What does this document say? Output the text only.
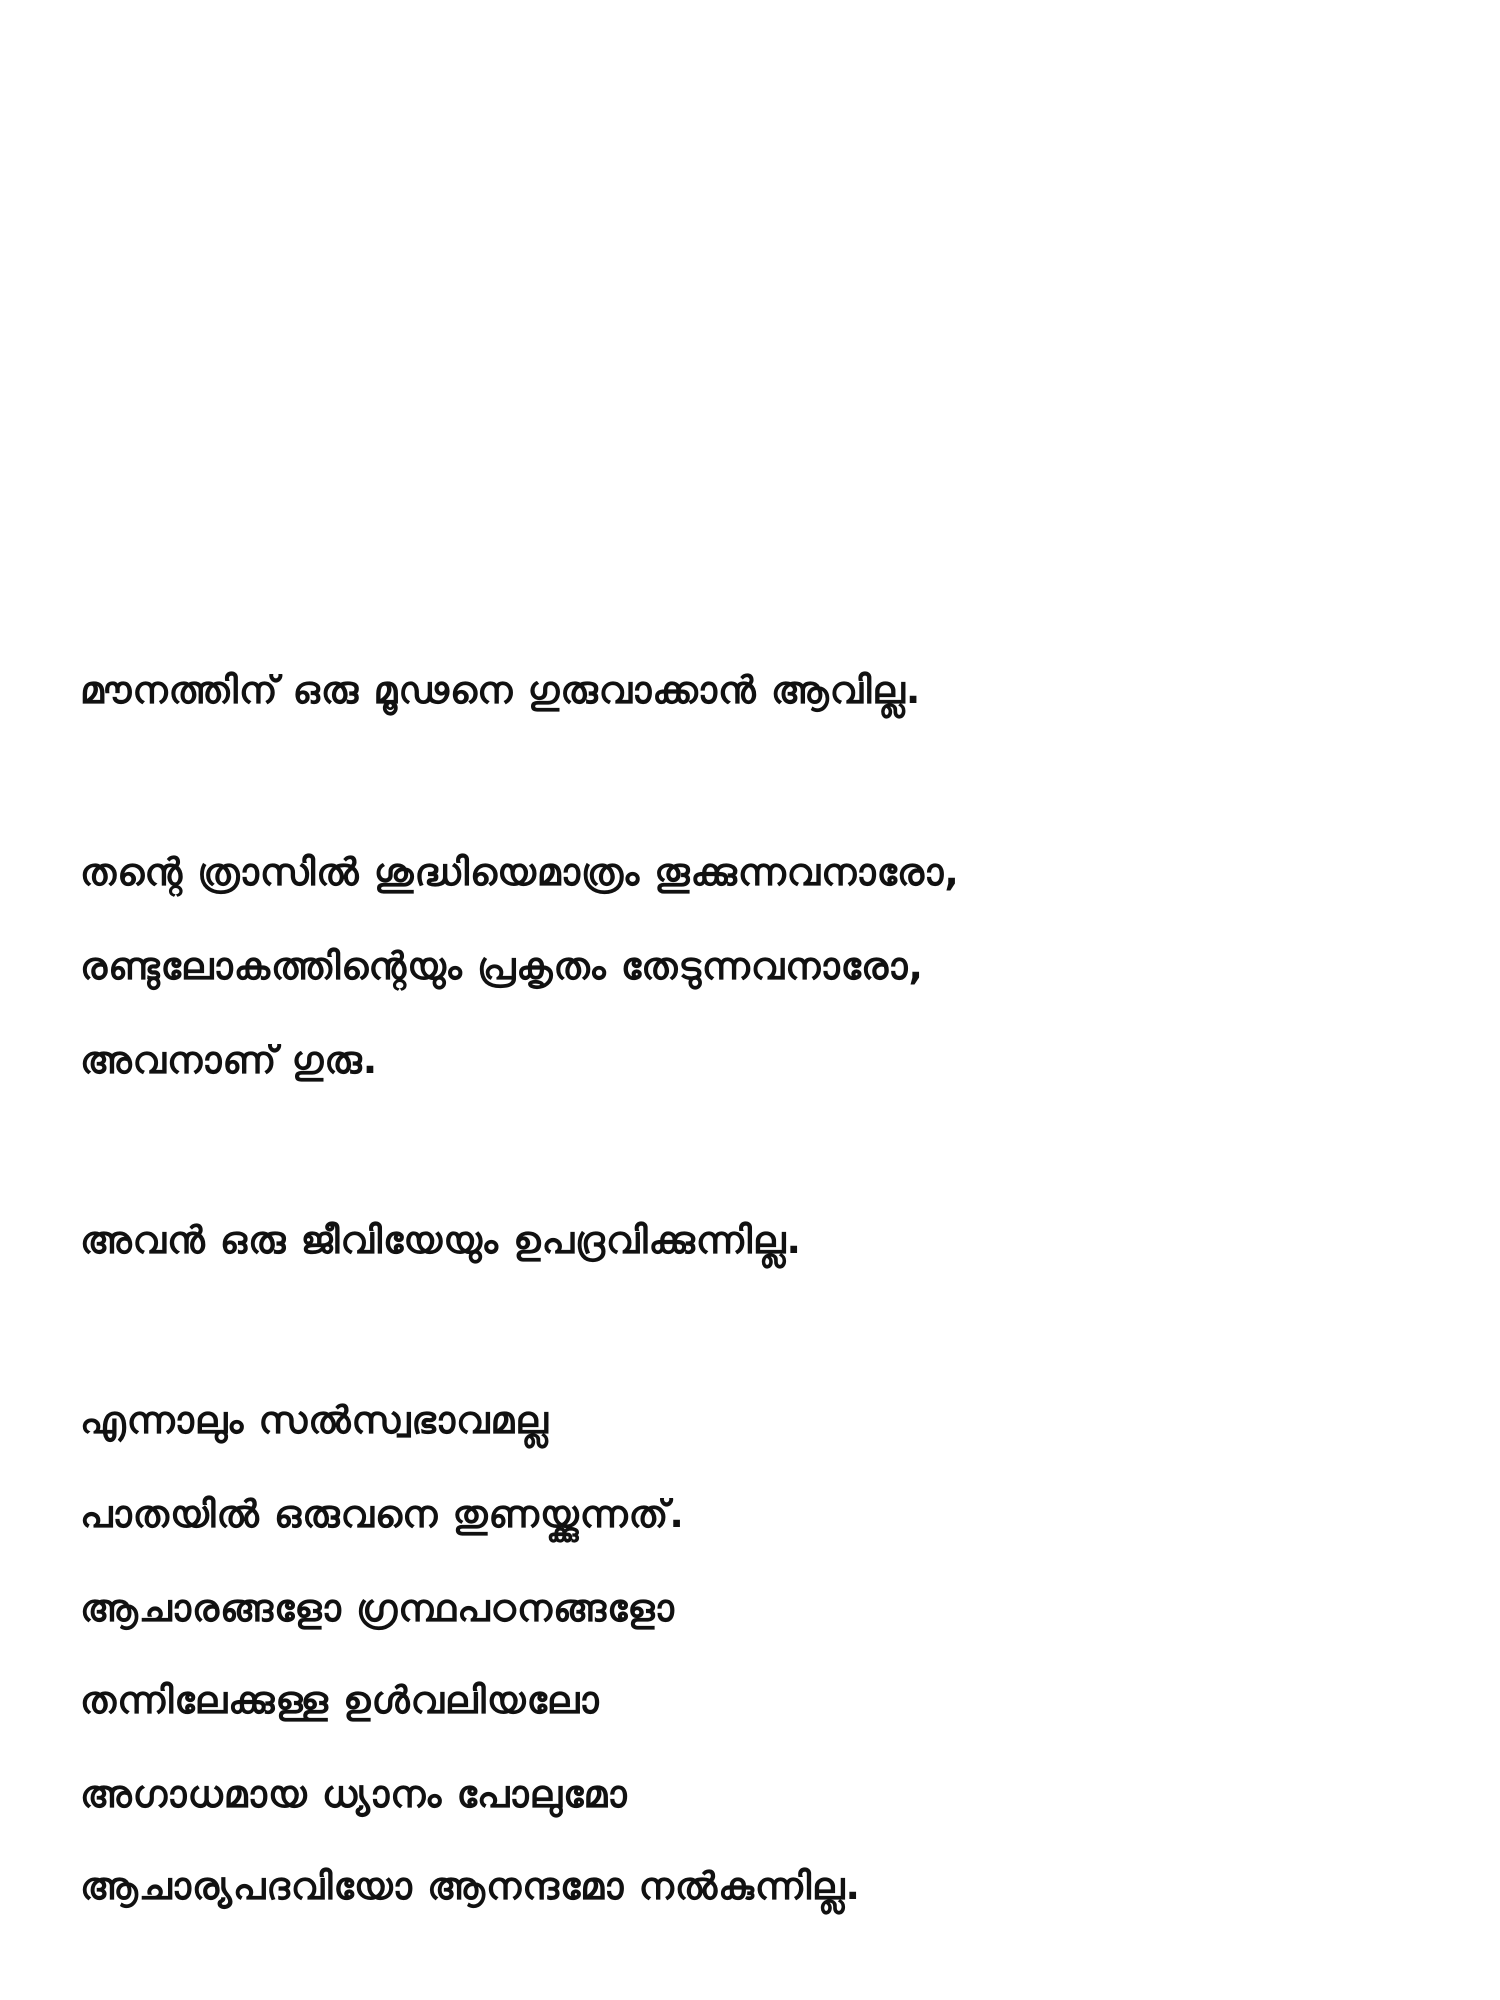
മൗനത്തിന് ഒരു മൂഢനെ ഗുരുവാക്കാൻ ആവില്ല.
തന്റെ ത്രാസിൽ ശുദ്ധിയെമാത്രം തൂക്കുന്നവനാരോ,
രണ്ടുലോകത്തിന്റെയും പ്രകൃതം തേടുന്നവനാരോ,
അവനാണ് ഗുരു.
അവൻ ഒരു ജീവിയേയും ഉപദ്രവിക്കുന്നില്ല.
എന്നാലും സൽസ്വഭാവമല്ല
പാതയിൽ ഒരുവനെ തുണയ്ക്കുന്നത്.
ആചാരങ്ങളോ ഗ്രന്ഥപഠനങ്ങളോ
തന്നിലേക്കുള്ള ഉൾവലിയലോ
അഗാധമായ ധ്യാനം പോലുമോ
ആചാര്യപദവിയോ ആനന്ദമോ നൽകുന്നില്ല.
